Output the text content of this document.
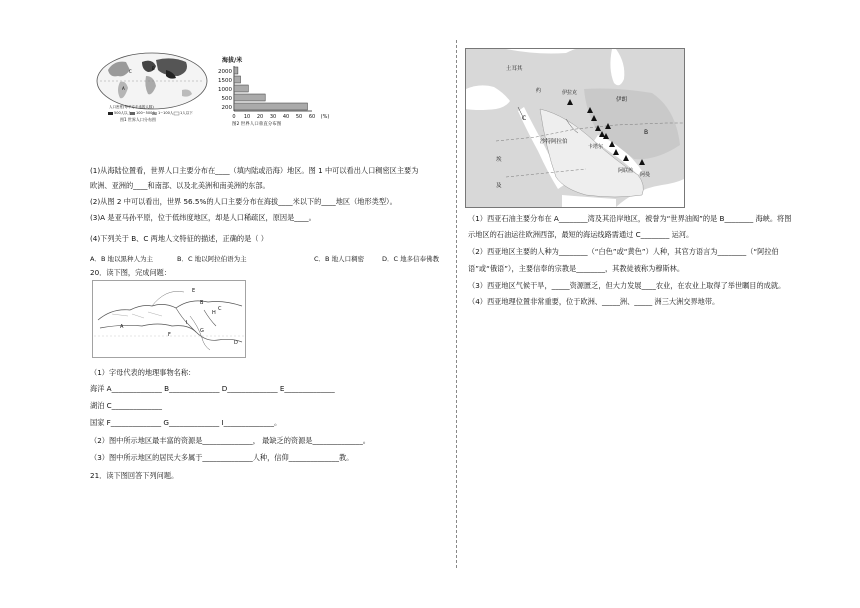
C
B
A
人口密度(每平方千米的人数)
500人以上 100~500人 1~100人 1人以下
图1 世界人口分布图
海拔/米
200
500
1000
1500
2000
0 10 20 30 40 50 60 (%)
图2 世界人口垂直分布图
(1)从海陆位置看，世界人口主要分布在____（填内陆或沿海）地区。图 1 中可以看出人口稠密区主要为
欧洲、亚洲的____和南部、以及北美洲和南美洲的东部。
(2)从图 2 中可以看出，世界 56.5%的人口主要分布在海拔____米以下的____地区（地形类型）。
(3)A 是亚马孙平原，位于低纬度地区，却是人口稀疏区，原因是____。
(4)下列关于 B、C 两地人文特征的描述，正确的是（ ）
A．B 地以黑种人为主	B．C 地以阿拉伯语为主	C．B 地人口稠密	D．C 地多信奉佛教
20．读下图，完成问题：
A
B
C
D
E
F
G
H
I
（1）字母代表的地理事物名称：
海洋 A______________ B______________ D______________ E______________
湖泊 C______________
国家 F______________ G______________ I______________。
（2）图中所示地区最丰富的资源是______________， 最缺乏的资源是______________。
（3）图中所示地区的居民大多属于______________人种，信仰______________教。
21．读下图回答下列问题。
土耳其
伊朗
伊拉克
约
埃
及
沙特阿拉伯
卡塔尔
阿联酋
阿曼
B
C
（1）西亚石油主要分布在 A________湾及其沿岸地区，被誉为“世界油阀”的是 B________ 海峡。将图
示地区的石油运往欧洲西部，最短的海运线路需通过 C________ 运河。
（2）西亚地区主要的人种为________（“白色”或“黄色”）人种，其官方语言为________（“阿拉伯
语”或“俄语”），主要信奉的宗教是________，其教徒被称为穆斯林。
（3）西亚地区气候干旱，_____资源匮乏，但大力发展____农业，在农业上取得了举世瞩目的成就。
（4）西亚地理位置非常重要，位于欧洲、_____洲、_____ 洲三大洲交界地带。
